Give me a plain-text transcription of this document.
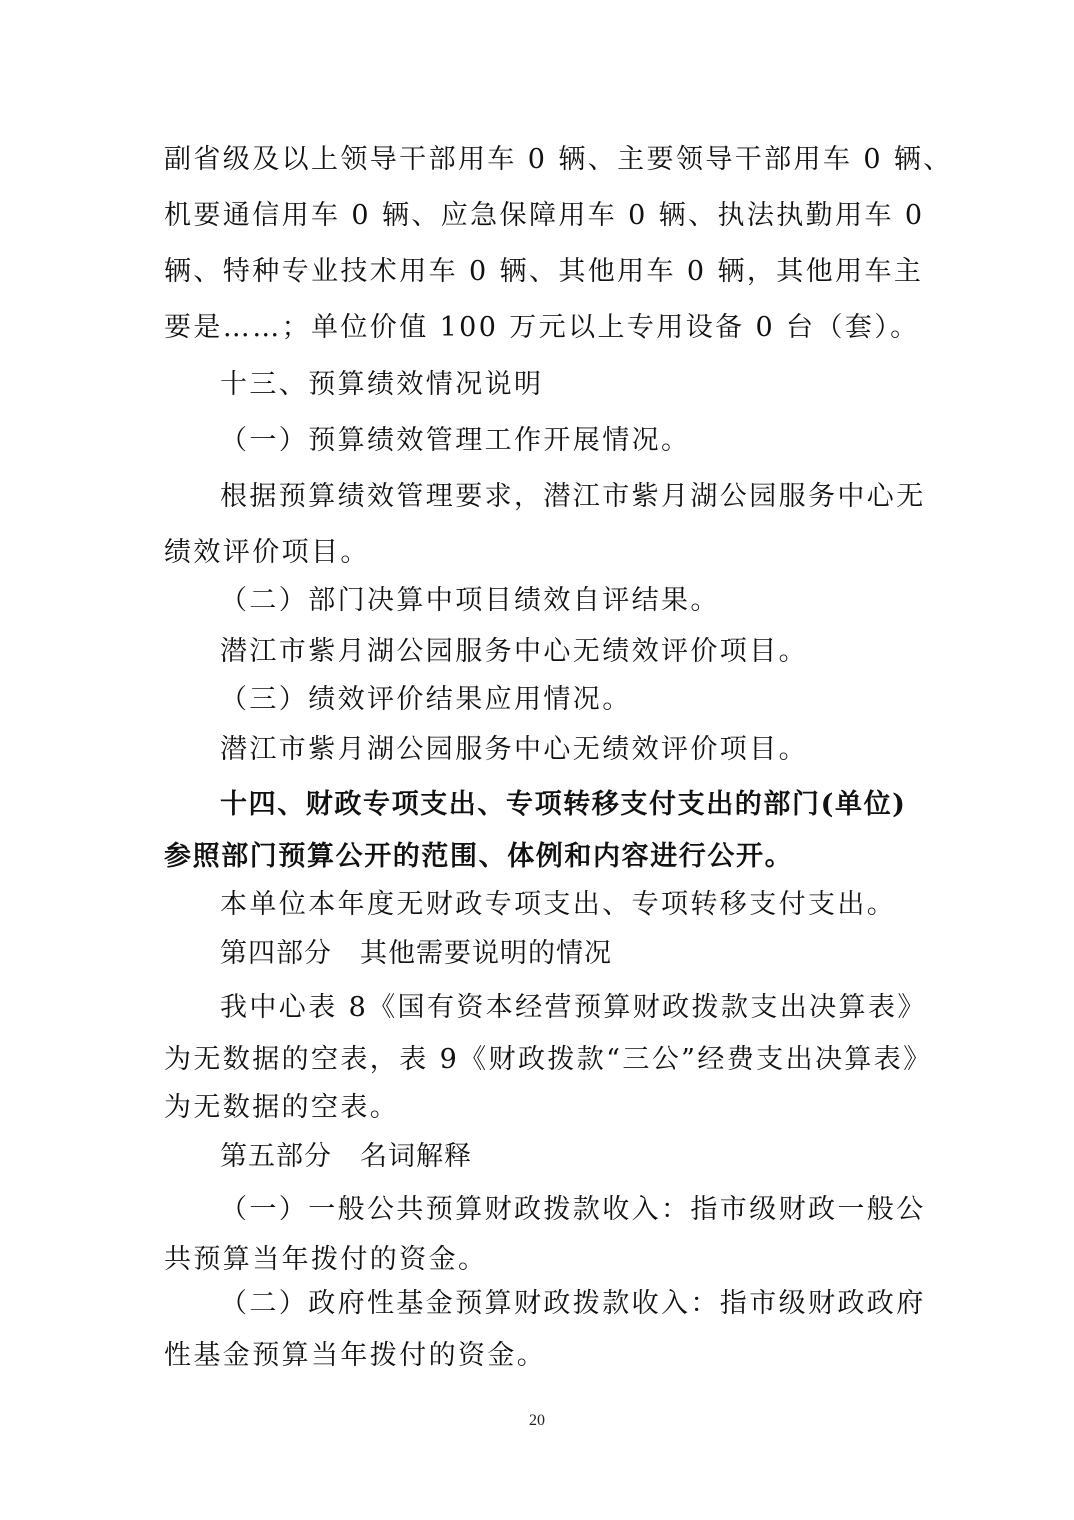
副省级及以上领导干部用车 0 辆、主要领导干部用车 0 辆、
机要通信用车 0 辆、应急保障用车 0 辆、执法执勤用车 0
辆、特种专业技术用车 0 辆、其他用车 0 辆，其他用车主
要是……；单位价值 100 万元以上专用设备 0 台（套）。
十三、预算绩效情况说明
（一）预算绩效管理工作开展情况。
根据预算绩效管理要求，潜江市紫月湖公园服务中心无
绩效评价项目。
（二）部门决算中项目绩效自评结果。
潜江市紫月湖公园服务中心无绩效评价项目。
（三）绩效评价结果应用情况。
潜江市紫月湖公园服务中心无绩效评价项目。
十四、财政专项支出、专项转移支付支出的部门(单位)
参照部门预算公开的范围、体例和内容进行公开。
本单位本年度无财政专项支出、专项转移支付支出。
第四部分　其他需要说明的情况
我中心表 8《国有资本经营预算财政拨款支出决算表》
为无数据的空表，表 9《财政拨款“三公”经费支出决算表》
为无数据的空表。
第五部分　名词解释
（一）一般公共预算财政拨款收入：指市级财政一般公
共预算当年拨付的资金。
（二）政府性基金预算财政拨款收入：指市级财政政府
性基金预算当年拨付的资金。
20
